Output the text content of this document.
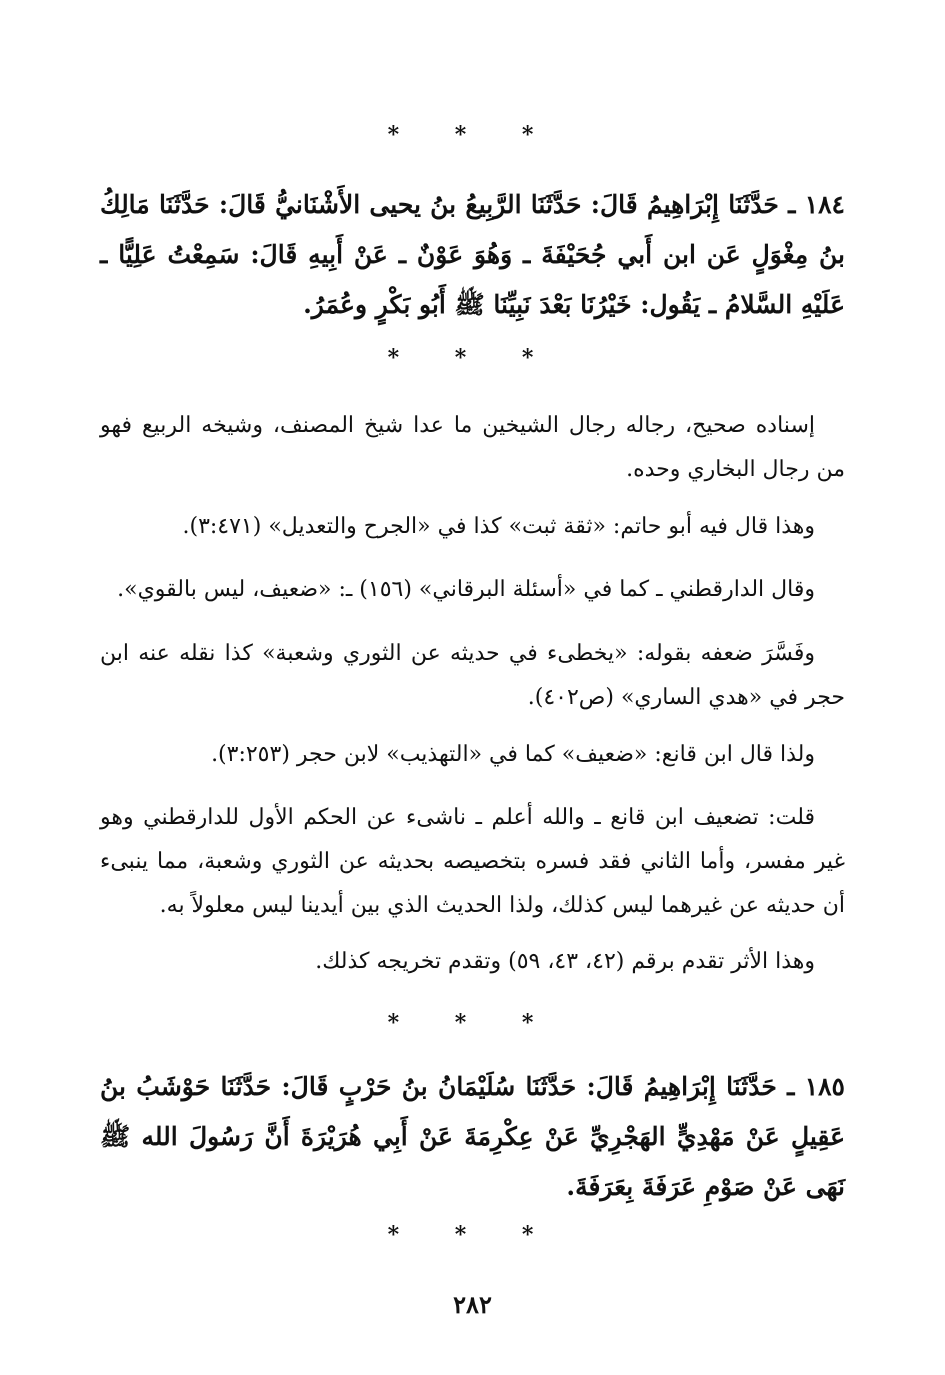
* * *
١٨٤ ـ حَدَّثَنَا إِبْرَاهِيمُ قَالَ: حَدَّثَنَا الرَّبِيعُ بنُ يحيى الأَشْنَانيُّ قَالَ: حَدَّثَنَا مَالِكُ بنُ مِغْوَلٍ عَن ابن أَبي جُحَيْفَةَ ـ وَهُوَ عَوْنٌ ـ عَنْ أَبِيهِ قَالَ: سَمِعْتُ عَلِيًّا ـ عَلَيْهِ السَّلامُ ـ يَقُول: خَيْرُنَا بَعْدَ نَبِيِّنَا ﷺ أَبُو بَكْرٍ وعُمَرُ.
* * *
إسناده صحيح، رجاله رجال الشيخين ما عدا شيخ المصنف، وشيخه الربيع فهو من رجال البخاري وحده.
وهذا قال فيه أبو حاتم: «ثقة ثبت» كذا في «الجرح والتعديل» (٣:٤٧١).
وقال الدارقطني ـ كما في «أسئلة البرقاني» (١٥٦) ـ: «ضعيف، ليس بالقوي».
وفَسَّرَ ضعفه بقوله: «يخطىء في حديثه عن الثوري وشعبة» كذا نقله عنه ابن حجر في «هدي الساري» (ص٤٠٢).
ولذا قال ابن قانع: «ضعيف» كما في «التهذيب» لابن حجر (٣:٢٥٣).
قلت: تضعيف ابن قانع ـ والله أعلم ـ ناشىء عن الحكم الأول للدارقطني وهو غير مفسر، وأما الثاني فقد فسره بتخصيصه بحديثه عن الثوري وشعبة، مما ينبىء أن حديثه عن غيرهما ليس كذلك، ولذا الحديث الذي بين أيدينا ليس معلولاً به.
وهذا الأثر تقدم برقم (٤٢، ٤٣، ٥٩) وتقدم تخريجه كذلك.
* * *
١٨٥ ـ حَدَّثَنَا إِبْرَاهِيمُ قَالَ: حَدَّثَنَا سُلَيْمَانُ بنُ حَرْبٍ قَالَ: حَدَّثَنَا حَوْشَبُ بنُ عَقِيلٍ عَنْ مَهْدِيٍّ الهَجْرِيِّ عَنْ عِكْرِمَةَ عَنْ أَبِي هُرَيْرَةَ أَنَّ رَسُولَ الله ﷺ نَهَى عَنْ صَوْمِ عَرَفَةَ بِعَرَفَةَ.
* * *
٢٨٢
